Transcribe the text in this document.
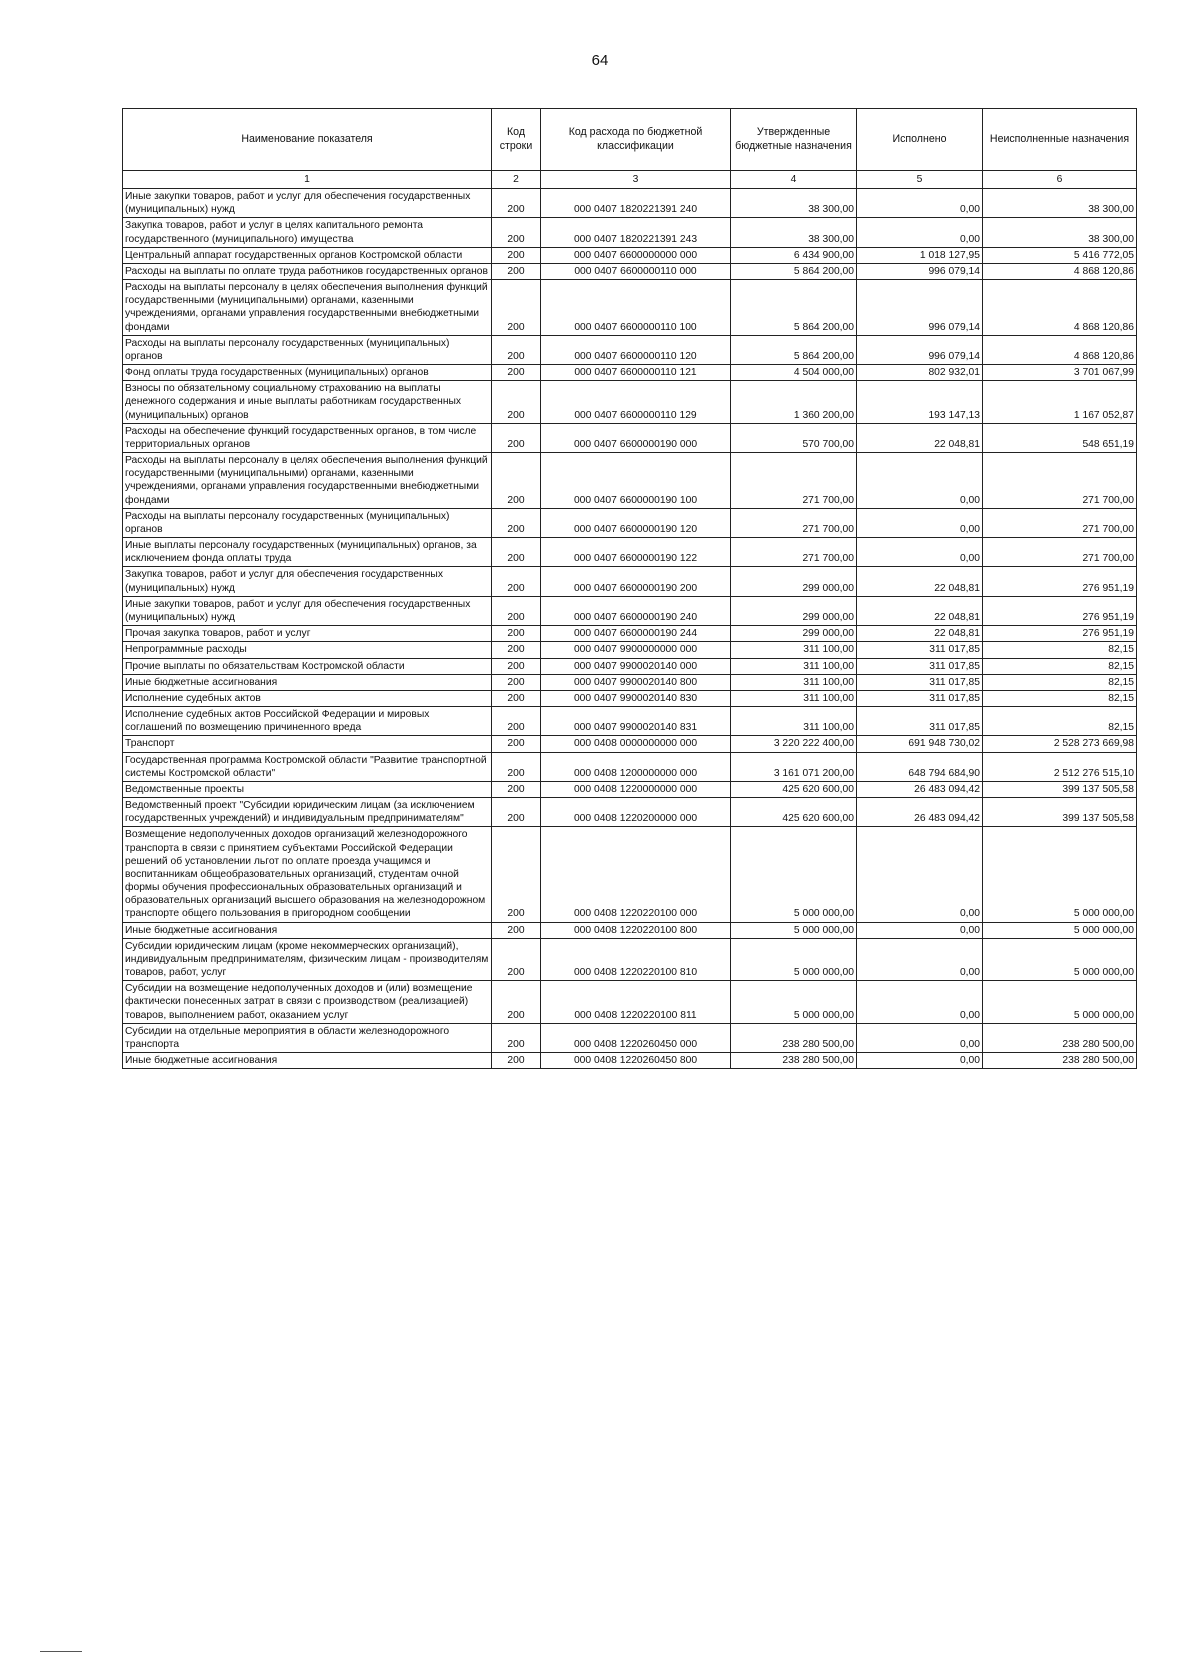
64
Наименование показателя	Код строки	Код расхода по бюджетной классификации	Утвержденные бюджетные назначения	Исполнено	Неисполненные назначения
1	2	3	4	5	6
Иные закупки товаров, работ и услуг для обеспечения государственных (муниципальных) нужд	200	000 0407 1820221391 240	38 300,00	0,00	38 300,00
Закупка товаров, работ и услуг в целях капитального ремонта государственного (муниципального) имущества	200	000 0407 1820221391 243	38 300,00	0,00	38 300,00
Центральный аппарат государственных органов Костромской области	200	000 0407 6600000000 000	6 434 900,00	1 018 127,95	5 416 772,05
Расходы на выплаты по оплате труда работников государственных органов	200	000 0407 6600000110 000	5 864 200,00	996 079,14	4 868 120,86
Расходы на выплаты персоналу в целях обеспечения выполнения функций государственными (муниципальными) органами, казенными учреждениями, органами управления государственными внебюджетными фондами	200	000 0407 6600000110 100	5 864 200,00	996 079,14	4 868 120,86
Расходы на выплаты персоналу государственных (муниципальных) органов	200	000 0407 6600000110 120	5 864 200,00	996 079,14	4 868 120,86
Фонд оплаты труда государственных (муниципальных) органов	200	000 0407 6600000110 121	4 504 000,00	802 932,01	3 701 067,99
Взносы по обязательному социальному страхованию на выплаты денежного содержания и иные выплаты работникам государственных (муниципальных) органов	200	000 0407 6600000110 129	1 360 200,00	193 147,13	1 167 052,87
Расходы на обеспечение функций государственных органов, в том числе территориальных органов	200	000 0407 6600000190 000	570 700,00	22 048,81	548 651,19
Расходы на выплаты персоналу в целях обеспечения выполнения функций государственными (муниципальными) органами, казенными учреждениями, органами управления государственными внебюджетными фондами	200	000 0407 6600000190 100	271 700,00	0,00	271 700,00
Расходы на выплаты персоналу государственных (муниципальных) органов	200	000 0407 6600000190 120	271 700,00	0,00	271 700,00
Иные выплаты персоналу государственных (муниципальных) органов, за исключением фонда оплаты труда	200	000 0407 6600000190 122	271 700,00	0,00	271 700,00
Закупка товаров, работ и услуг для обеспечения государственных (муниципальных) нужд	200	000 0407 6600000190 200	299 000,00	22 048,81	276 951,19
Иные закупки товаров, работ и услуг для обеспечения государственных (муниципальных) нужд	200	000 0407 6600000190 240	299 000,00	22 048,81	276 951,19
Прочая закупка товаров, работ и услуг	200	000 0407 6600000190 244	299 000,00	22 048,81	276 951,19
Непрограммные расходы	200	000 0407 9900000000 000	311 100,00	311 017,85	82,15
Прочие выплаты по обязательствам Костромской области	200	000 0407 9900020140 000	311 100,00	311 017,85	82,15
Иные бюджетные ассигнования	200	000 0407 9900020140 800	311 100,00	311 017,85	82,15
Исполнение судебных актов	200	000 0407 9900020140 830	311 100,00	311 017,85	82,15
Исполнение судебных актов Российской Федерации и мировых соглашений по возмещению причиненного вреда	200	000 0407 9900020140 831	311 100,00	311 017,85	82,15
Транспорт	200	000 0408 0000000000 000	3 220 222 400,00	691 948 730,02	2 528 273 669,98
Государственная программа Костромской области "Развитие транспортной системы Костромской области"	200	000 0408 1200000000 000	3 161 071 200,00	648 794 684,90	2 512 276 515,10
Ведомственные проекты	200	000 0408 1220000000 000	425 620 600,00	26 483 094,42	399 137 505,58
Ведомственный проект "Субсидии юридическим лицам (за исключением государственных учреждений) и индивидуальным предпринимателям"	200	000 0408 1220200000 000	425 620 600,00	26 483 094,42	399 137 505,58
Возмещение недополученных доходов организаций железнодорожного транспорта в связи с принятием субъектами Российской Федерации решений об установлении льгот по оплате проезда учащимся и воспитанникам общеобразовательных организаций, студентам очной формы обучения профессиональных образовательных организаций и образовательных организаций высшего образования на железнодорожном транспорте общего пользования в пригородном сообщении	200	000 0408 1220220100 000	5 000 000,00	0,00	5 000 000,00
Иные бюджетные ассигнования	200	000 0408 1220220100 800	5 000 000,00	0,00	5 000 000,00
Субсидии юридическим лицам (кроме некоммерческих организаций), индивидуальным предпринимателям, физическим лицам - производителям товаров, работ, услуг	200	000 0408 1220220100 810	5 000 000,00	0,00	5 000 000,00
Субсидии на возмещение недополученных доходов и (или) возмещение фактически понесенных затрат в связи с производством (реализацией) товаров, выполнением работ, оказанием услуг	200	000 0408 1220220100 811	5 000 000,00	0,00	5 000 000,00
Субсидии на отдельные мероприятия в области железнодорожного транспорта	200	000 0408 1220260450 000	238 280 500,00	0,00	238 280 500,00
Иные бюджетные ассигнования	200	000 0408 1220260450 800	238 280 500,00	0,00	238 280 500,00
